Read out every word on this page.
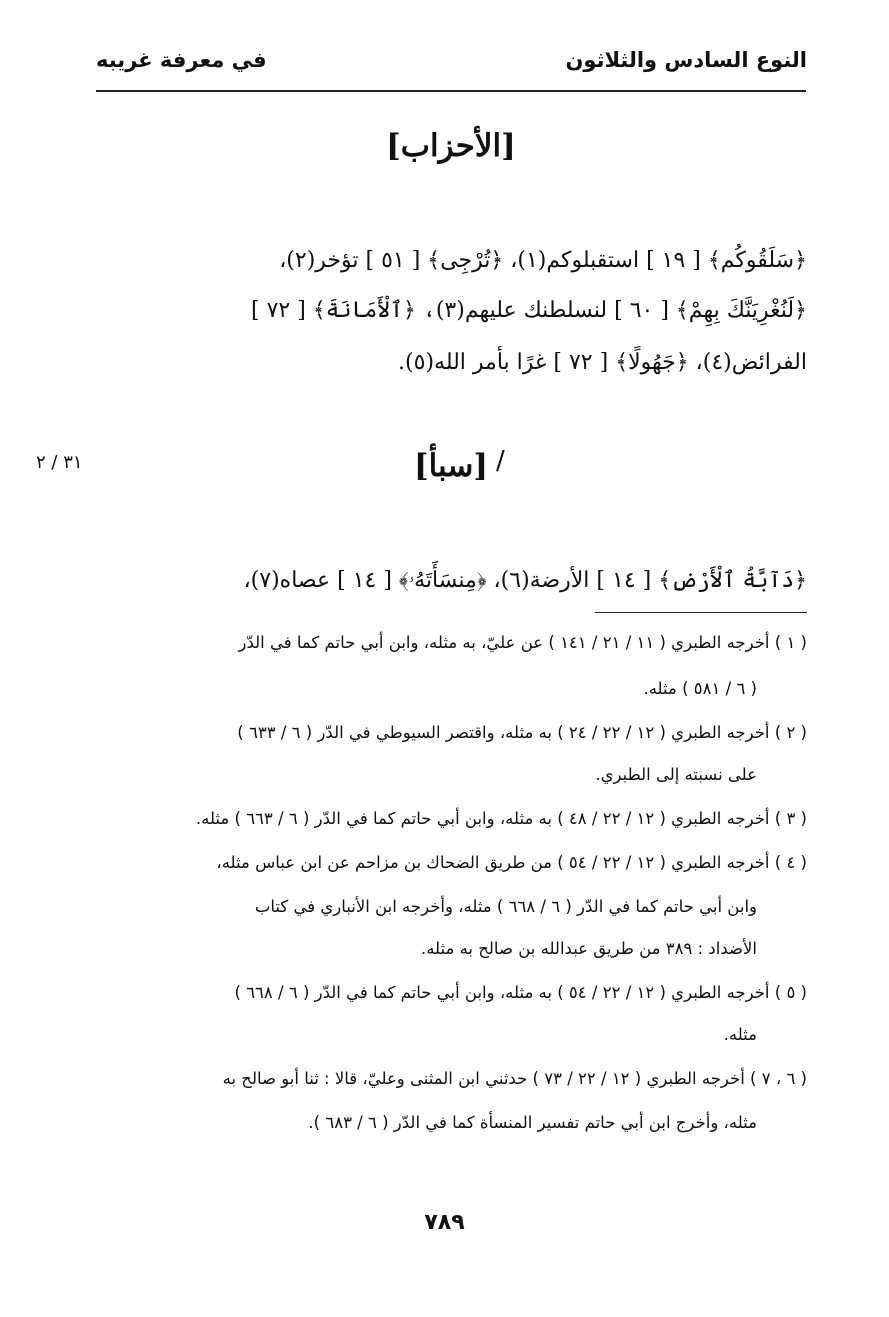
النوع السادس والثلاثون
في معرفة غريبه
[الأحزاب]
﴿سَلَقُوكُم﴾ [ ١٩ ] استقبلوكم(١)، ﴿تُرْجِى﴾ [ ٥١ ] تؤخر(٢)،
﴿لَنُغْرِيَنَّكَ بِهِمْ﴾ [ ٦٠ ] لنسلطنك عليهم(٣)، ﴿ٱلْأَمَانَةَ﴾ [ ٧٢ ]
الفرائض(٤)، ﴿جَهُولًا﴾ [ ٧٢ ] غرًا بأمر الله(٥).
٣١ / ٢	/
[سبأ]
﴿دَآبَّةُ ٱلْأَرْضِ﴾ [ ١٤ ] الأرضة(٦)، ﴿مِنسَأَتَهُۥ﴾ [ ١٤ ] عصاه(٧)،
( ١ ) أخرجه الطبري ( ١١ / ٢١ / ١٤١ ) عن عليّ، به مثله، وابن أبي حاتم كما في الدّر
( ٦ / ٥٨١ ) مثله.
( ٢ ) أخرجه الطبري ( ١٢ / ٢٢ / ٢٤ ) به مثله، واقتصر السيوطي في الدّر ( ٦ / ٦٣٣ )
على نسبته إلى الطبري.
( ٣ ) أخرجه الطبري ( ١٢ / ٢٢ / ٤٨ ) به مثله، وابن أبي حاتم كما في الدّر ( ٦ / ٦٦٣ ) مثله.
( ٤ ) أخرجه الطبري ( ١٢ / ٢٢ / ٥٤ ) من طريق الضحاك بن مزاحم عن ابن عباس مثله،
وابن أبي حاتم كما في الدّر ( ٦ / ٦٦٨ ) مثله، وأخرجه ابن الأنباري في كتاب
الأضداد : ٣٨٩ من طريق عبدالله بن صالح به مثله.
( ٥ ) أخرجه الطبري ( ١٢ / ٢٢ / ٥٤ ) به مثله، وابن أبي حاتم كما في الدّر ( ٦ / ٦٦٨ )
مثله.
( ٦ ، ٧ ) أخرجه الطبري ( ١٢ / ٢٢ / ٧٣ ) حدثني ابن المثنى وعليّ، قالا : ثنا أبو صالح به
مثله، وأخرج ابن أبي حاتم تفسير المنسأة كما في الدّر ( ٦ / ٦٨٣ ).
٧٨٩
